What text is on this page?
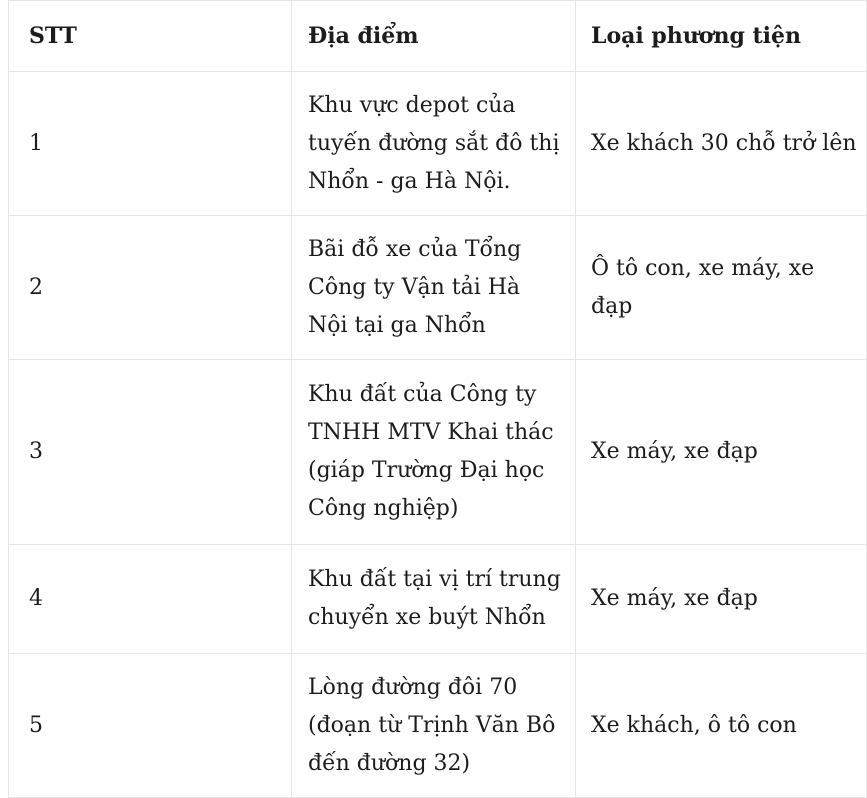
STT	Địa điểm	Loại phương tiện
1	Khu vực depot của tuyến đường sắt đô thị Nhổn - ga Hà Nội.	Xe khách 30 chỗ trở lên
2	Bãi đỗ xe của Tổng Công ty Vận tải Hà Nội tại ga Nhổn	Ô tô con, xe máy, xe đạp
3	Khu đất của Công ty TNHH MTV Khai thác (giáp Trường Đại học Công nghiệp)	Xe máy, xe đạp
4	Khu đất tại vị trí trung chuyển xe buýt Nhổn	Xe máy, xe đạp
5	Lòng đường đôi 70 (đoạn từ Trịnh Văn Bô đến đường 32)	Xe khách, ô tô con
